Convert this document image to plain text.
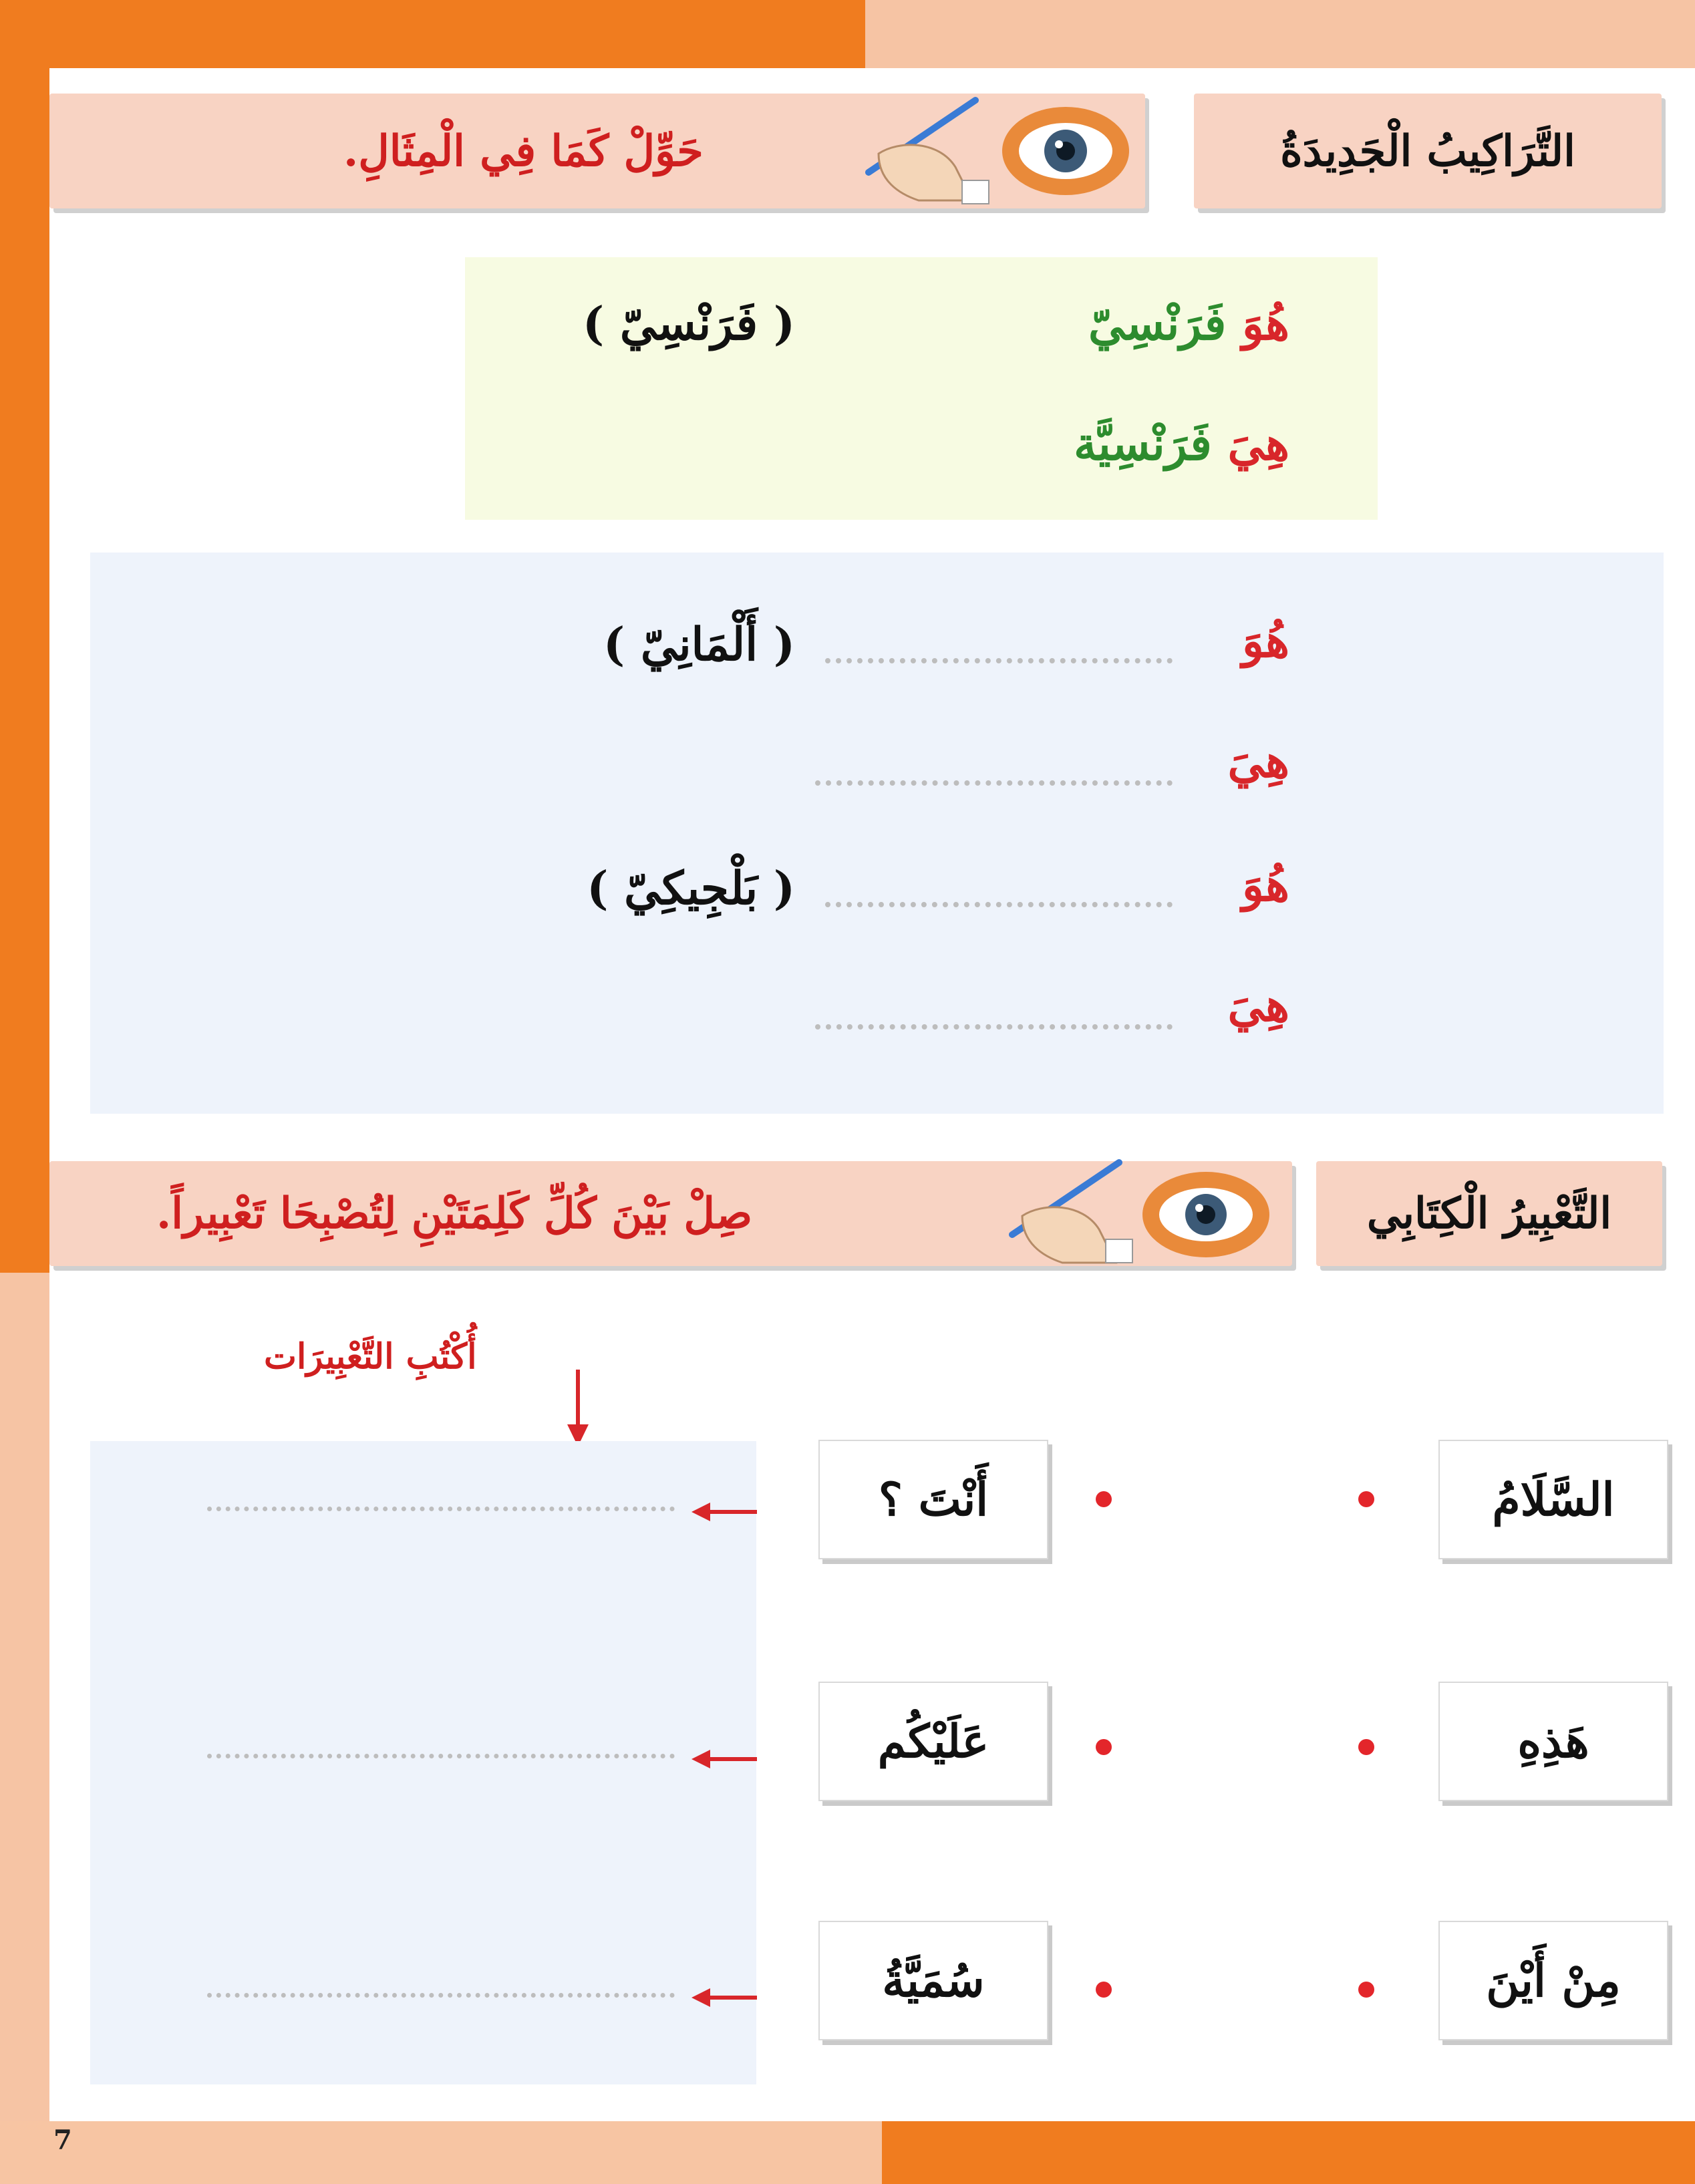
7
التَّرَاكِيبُ الْجَدِيدَةُ
حَوِّلْ كَمَا فِي الْمِثَالِ.
هُوَ فَرَنْسِيّ
( فَرَنْسِيّ )
هِيَ فَرَنْسِيَّة
هُوَ
( أَلْمَانِيّ )
هِيَ
هُوَ
( بَلْجِيكِيّ )
هِيَ
التَّعْبِيرُ الْكِتَابِي
صِلْ بَيْنَ كُلِّ كَلِمَتَيْنِ لِتُصْبِحَا تَعْبِيراً.
أُكْتُبِ التَّعْبِيرَات
السَّلَامُ
أَنْتَ ؟
هَذِهِ
عَلَيْكُم
مِنْ أَيْنَ
سُمَيَّةُ
